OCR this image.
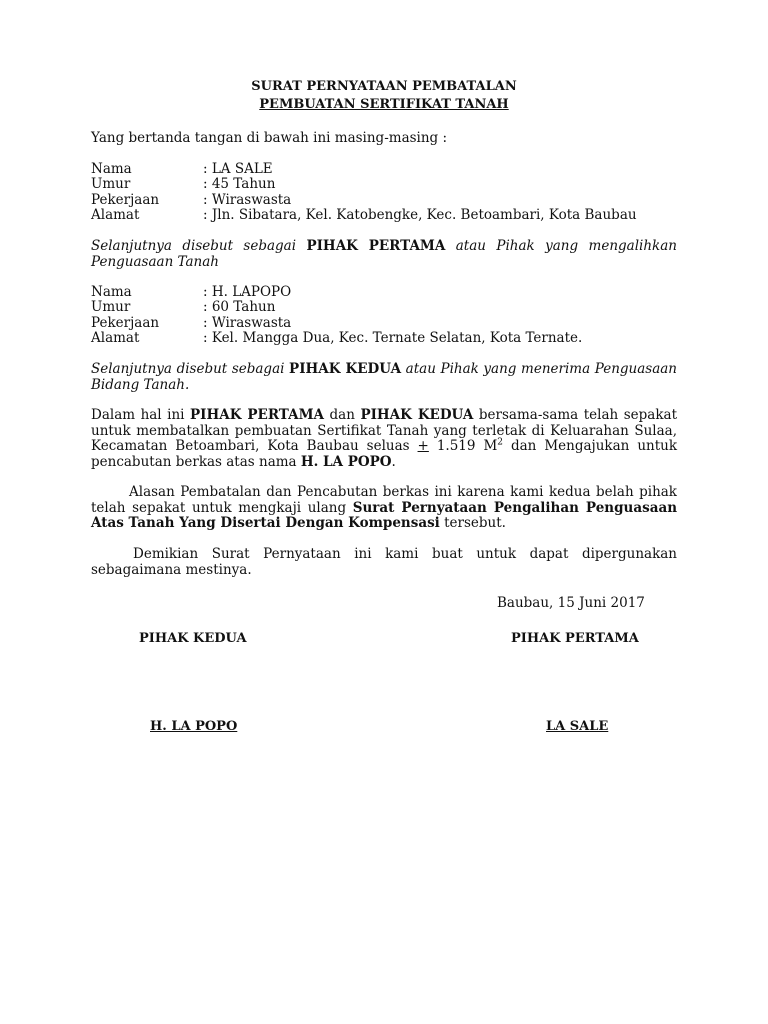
SURAT PERNYATAAN PEMBATALAN
PEMBUATAN SERTIFIKAT TANAH
Yang bertanda tangan di bawah ini masing-masing :
Nama	: LA SALE
Umur	: 45 Tahun
Pekerjaan	: Wiraswasta
Alamat	: Jln. Sibatara, Kel. Katobengke, Kec. Betoambari, Kota Baubau
Selanjutnya disebut sebagai PIHAK PERTAMA atau Pihak yang mengalihkan Penguasaan Tanah
Nama	: H. LAPOPO
Umur	: 60 Tahun
Pekerjaan	: Wiraswasta
Alamat	: Kel. Mangga Dua, Kec. Ternate Selatan, Kota Ternate.
Selanjutnya disebut sebagai PIHAK KEDUA atau Pihak yang menerima Penguasaan Bidang Tanah.
Dalam hal ini PIHAK PERTAMA dan PIHAK KEDUA bersama-sama telah sepakat untuk membatalkan pembuatan Sertifikat Tanah yang terletak di Keluarahan Sulaa, Kecamatan Betoambari, Kota Baubau seluas + 1.519 $M^2$ dan Mengajukan untuk pencabutan berkas atas nama H. LA POPO.
Alasan Pembatalan dan Pencabutan berkas ini karena kami kedua belah pihak telah sepakat untuk mengkaji ulang Surat Pernyataan Pengalihan Penguasaan Atas Tanah Yang Disertai Dengan Kompensasi tersebut.
Demikian Surat Pernyataan ini kami buat untuk dapat dipergunakan sebagaimana mestinya.
Baubau, 15 Juni 2017
PIHAK KEDUA	PIHAK PERTAMA
H. LA POPO	LA SALE
